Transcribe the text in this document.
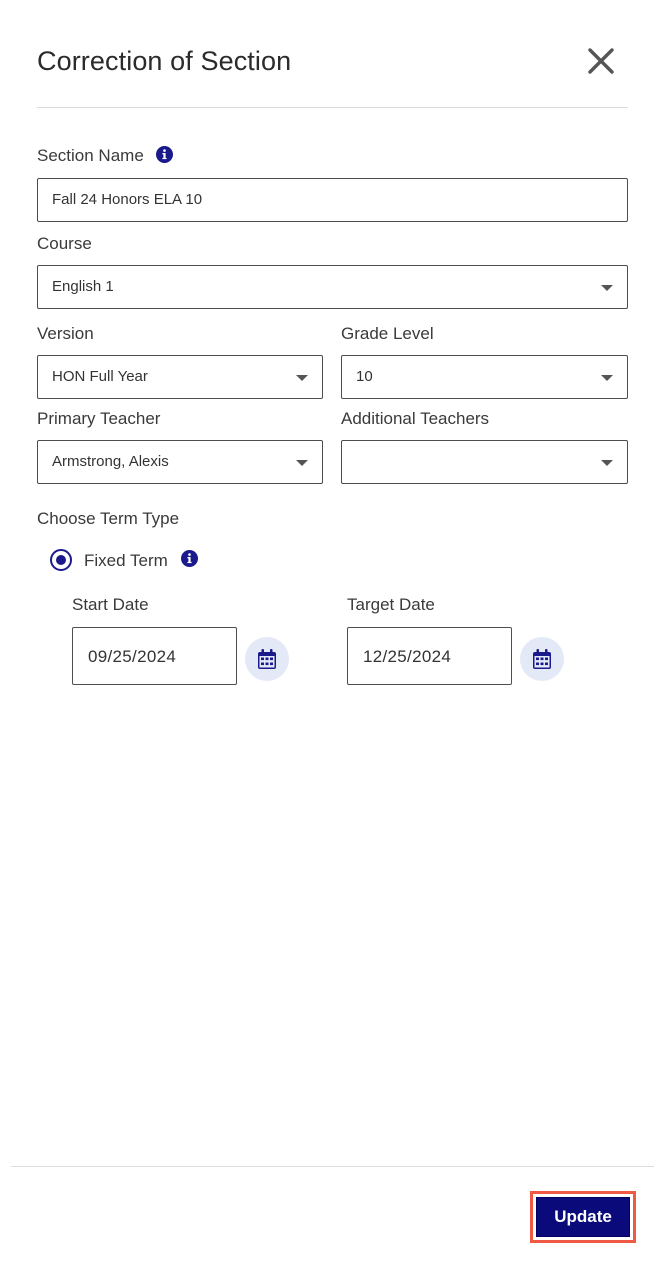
Correction of Section
Section Name
Fall 24 Honors ELA 10
Course
English 1
Version	Grade Level
HON Full Year	10
Primary Teacher	Additional Teachers
Armstrong, Alexis
Choose Term Type
Fixed Term
Start Date
09/25/2024
Target Date
12/25/2024
Update
